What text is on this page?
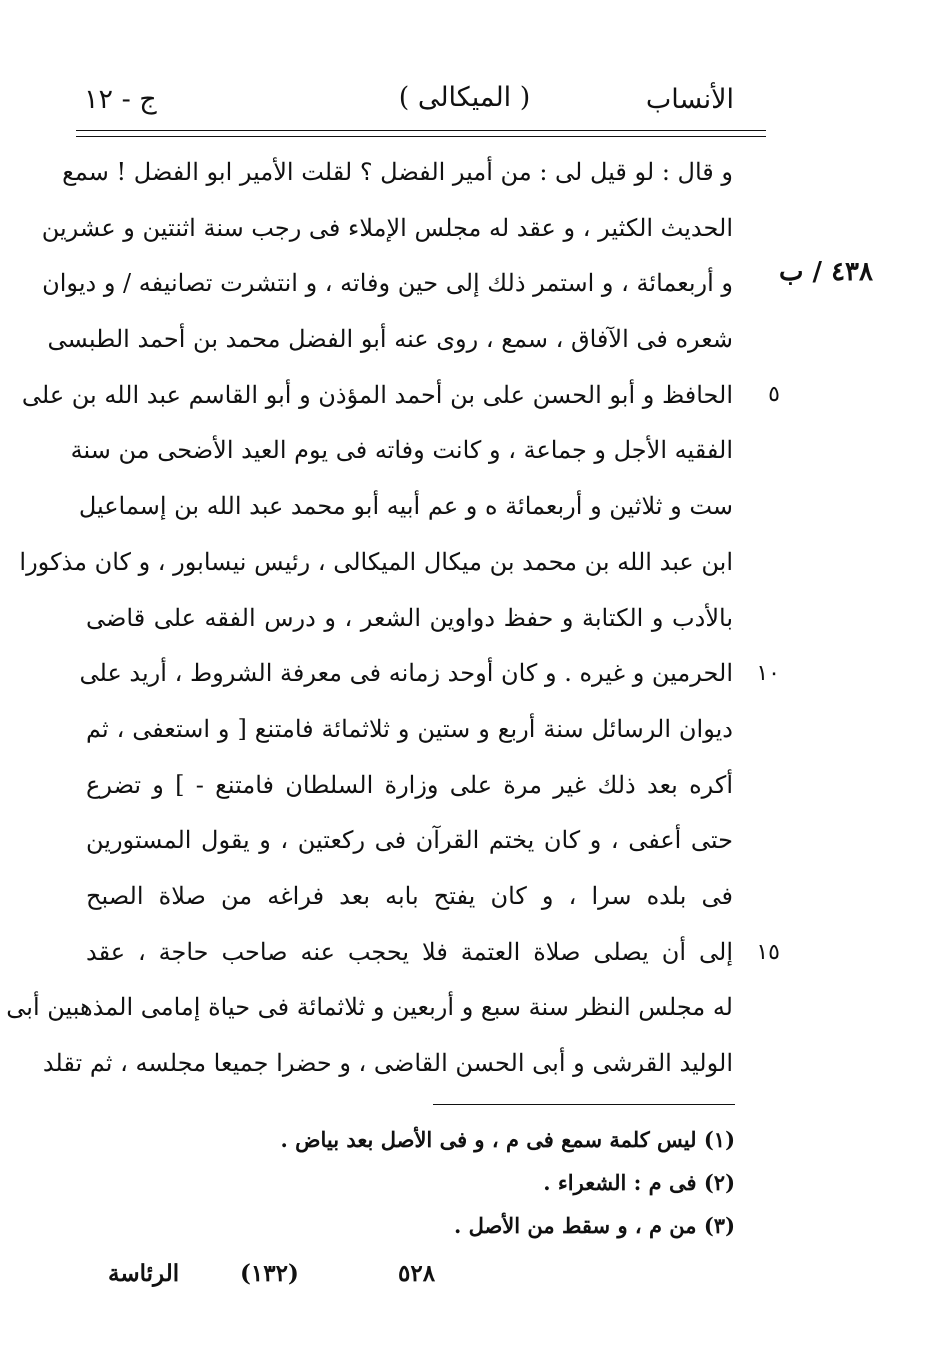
الأنساب
( الميكالى )
ج - ١٢
٤٣٨ / ب
و قال : لو قيل لى : من أمير الفضل ؟ لقلت الأمير ابو الفضل ! سمع
الحديث الكثير ، و عقد له مجلس الإملاء فى رجب سنة اثنتين و عشرين
و أربعمائة ، و استمر ذلك إلى حين وفاته ، و انتشرت تصانيفه / و ديوان
شعره فى الآفاق ، سمع ، روى عنه أبو الفضل محمد بن أحمد الطبسى
الحافظ و أبو الحسن على بن أحمد المؤذن و أبو القاسم عبد الله بن على
الفقيه الأجل و جماعة ، و كانت وفاته فى يوم العيد الأضحى من سنة
ست و ثلاثين و أربعمائة ه و عم أبيه أبو محمد عبد الله بن إسماعيل
ابن عبد الله بن محمد بن ميكال الميكالى ، رئيس نيسابور ، و كان مذكورا
بالأدب و الكتابة و حفظ دواوين الشعر ، و درس الفقه على قاضى
الحرمين و غيره . و كان أوحد زمانه فى معرفة الشروط ، أريد على
ديوان الرسائل سنة أربع و ستين و ثلاثمائة فامتنع [ و استعفى ، ثم
أكره بعد ذلك غير مرة على وزارة السلطان فامتنع - ] و تضرع
حتى أعفى ، و كان يختم القرآن فى ركعتين ، و يقول المستورين
فى بلده سرا ، و كان يفتح بابه بعد فراغه من صلاة الصبح
إلى أن يصلى صلاة العتمة فلا يحجب عنه صاحب حاجة ، عقد
له مجلس النظر سنة سبع و أربعين و ثلاثمائة فى حياة إمامى المذهبين أبى
الوليد القرشى و أبى الحسن القاضى ، و حضرا جميعا مجلسه ، ثم تقلد
٥
١٠
١٥
(١) ليس كلمة سمع فى م ، و فى الأصل بعد بياض .
(٢) فى م : الشعراء .
(٣) من م ، و سقط من الأصل .
٥٢٨
(١٣٢)
الرئاسة
